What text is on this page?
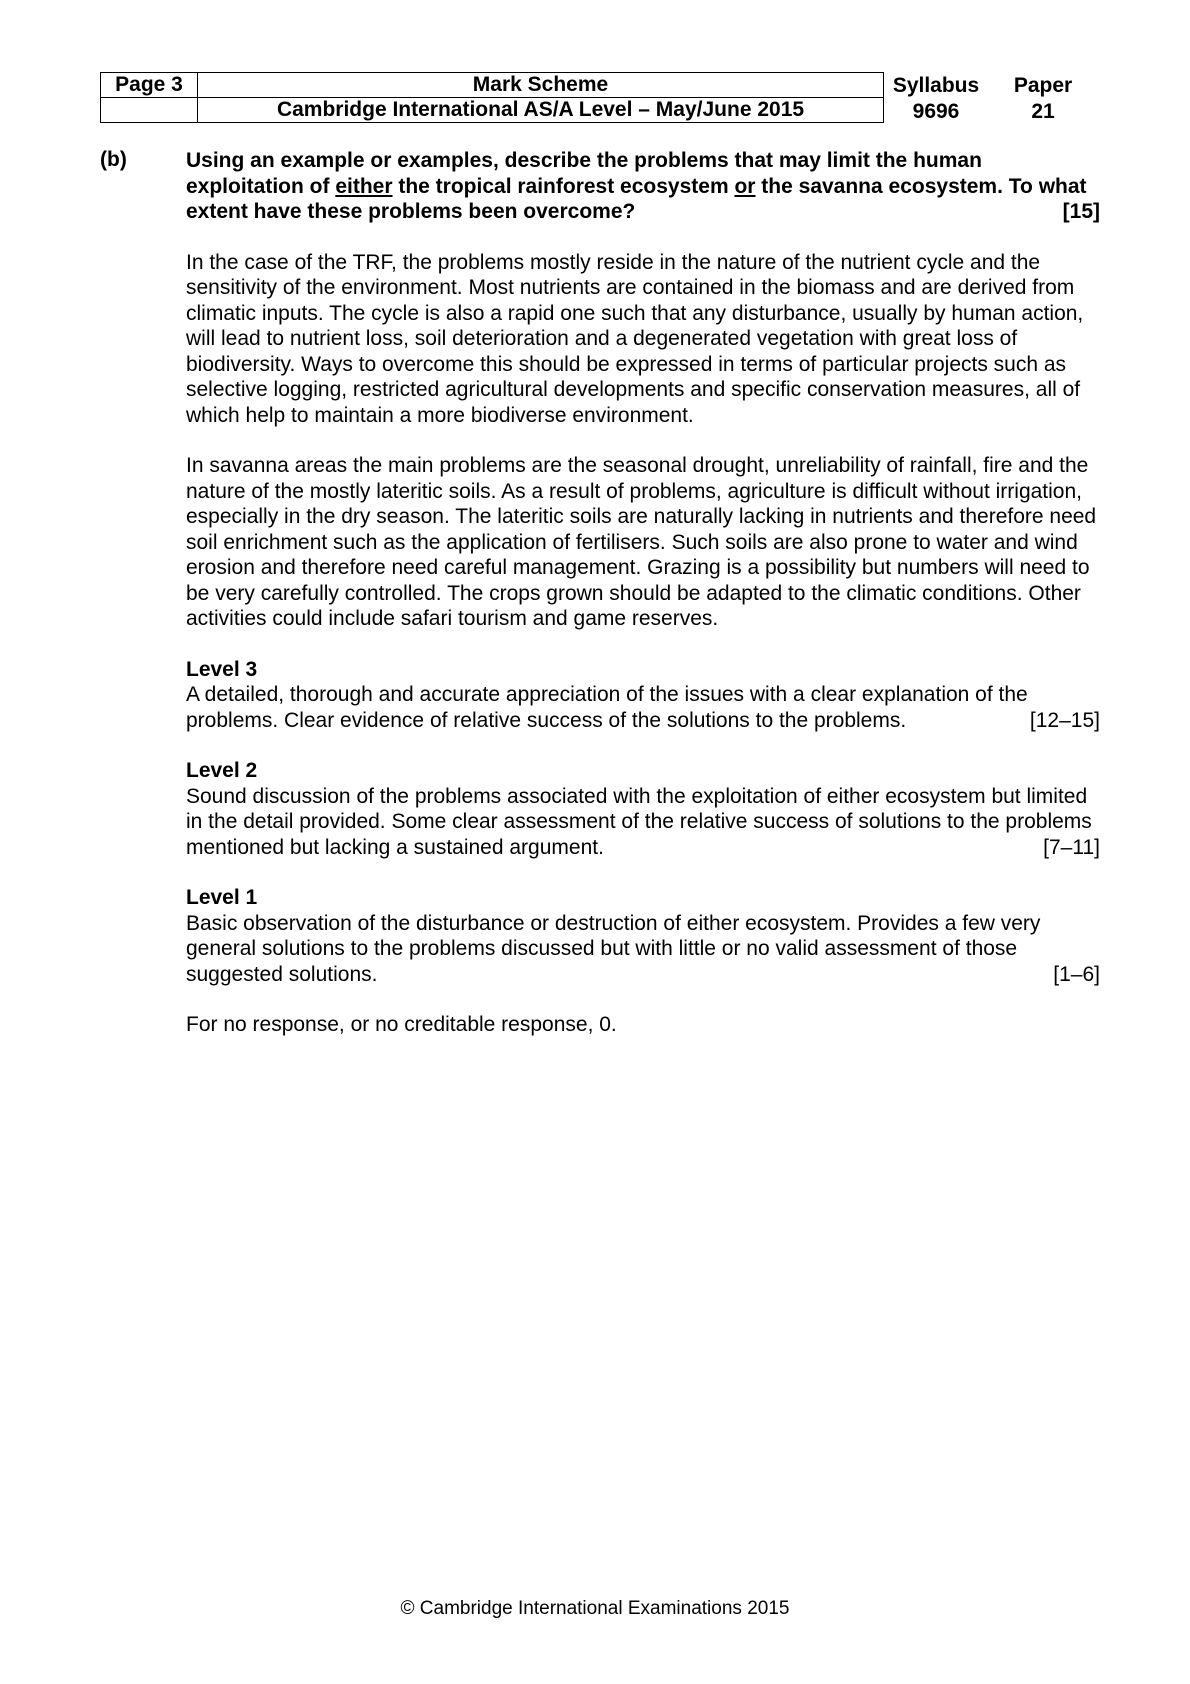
Page 3	Mark Scheme
	Cambridge International AS/A Level – May/June 2015
Syllabus	Paper
9696	21
(b)	Using an example or examples, describe the problems that may limit the human exploitation of either the tropical rainforest ecosystem or the savanna ecosystem. To what extent have these problems been overcome?	[15]

In the case of the TRF, the problems mostly reside in the nature of the nutrient cycle and the sensitivity of the environment. Most nutrients are contained in the biomass and are derived from climatic inputs. The cycle is also a rapid one such that any disturbance, usually by human action, will lead to nutrient loss, soil deterioration and a degenerated vegetation with great loss of biodiversity. Ways to overcome this should be expressed in terms of particular projects such as selective logging, restricted agricultural developments and specific conservation measures, all of which help to maintain a more biodiverse environment.

In savanna areas the main problems are the seasonal drought, unreliability of rainfall, fire and the nature of the mostly lateritic soils. As a result of problems, agriculture is difficult without irrigation, especially in the dry season. The lateritic soils are naturally lacking in nutrients and therefore need soil enrichment such as the application of fertilisers. Such soils are also prone to water and wind erosion and therefore need careful management. Grazing is a possibility but numbers will need to be very carefully controlled. The crops grown should be adapted to the climatic conditions. Other activities could include safari tourism and game reserves.

Level 3
A detailed, thorough and accurate appreciation of the issues with a clear explanation of the problems. Clear evidence of relative success of the solutions to the problems.	[12–15]

Level 2
Sound discussion of the problems associated with the exploitation of either ecosystem but limited in the detail provided. Some clear assessment of the relative success of solutions to the problems mentioned but lacking a sustained argument.	[7–11]

Level 1
Basic observation of the disturbance or destruction of either ecosystem. Provides a few very general solutions to the problems discussed but with little or no valid assessment of those suggested solutions.	[1–6]

For no response, or no creditable response, 0.

© Cambridge International Examinations 2015
